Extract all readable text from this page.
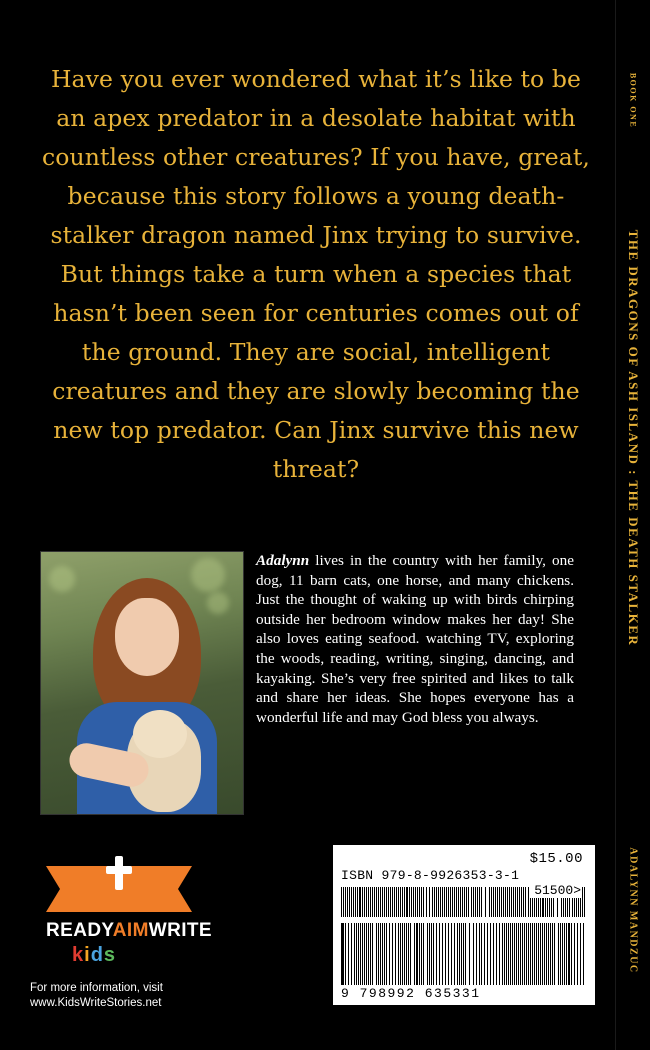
Have you ever wondered what it’s like to be an apex predator in a desolate habitat with countless other creatures? If you have, great, because this story follows a young death-stalker dragon named Jinx trying to survive. But things take a turn when a species that hasn’t been seen for centuries comes out of the ground. They are social, intelligent creatures and they are slowly becoming the new top predator. Can Jinx survive this new threat?
Adalynn lives in the country with her family, one dog, 11 barn cats, one horse, and many chickens. Just the thought of waking up with birds chirping outside her bedroom window makes her day! She also loves eating seafood. watching TV, exploring the woods, reading, writing, singing, dancing, and kayaking. She’s very free spirited and likes to talk and share her ideas. She hopes everyone has a wonderful life and may God bless you always.
READYAIMWRITE
kids
For more information, visit
www.KidsWriteStories.net
$15.00
ISBN 979-8-9926353-3-1
51500>
9 798992 635331
BOOK ONE
THE DRAGONS OF ASH ISLAND : THE DEATH STALKER
ADALYNN MANDZUC
